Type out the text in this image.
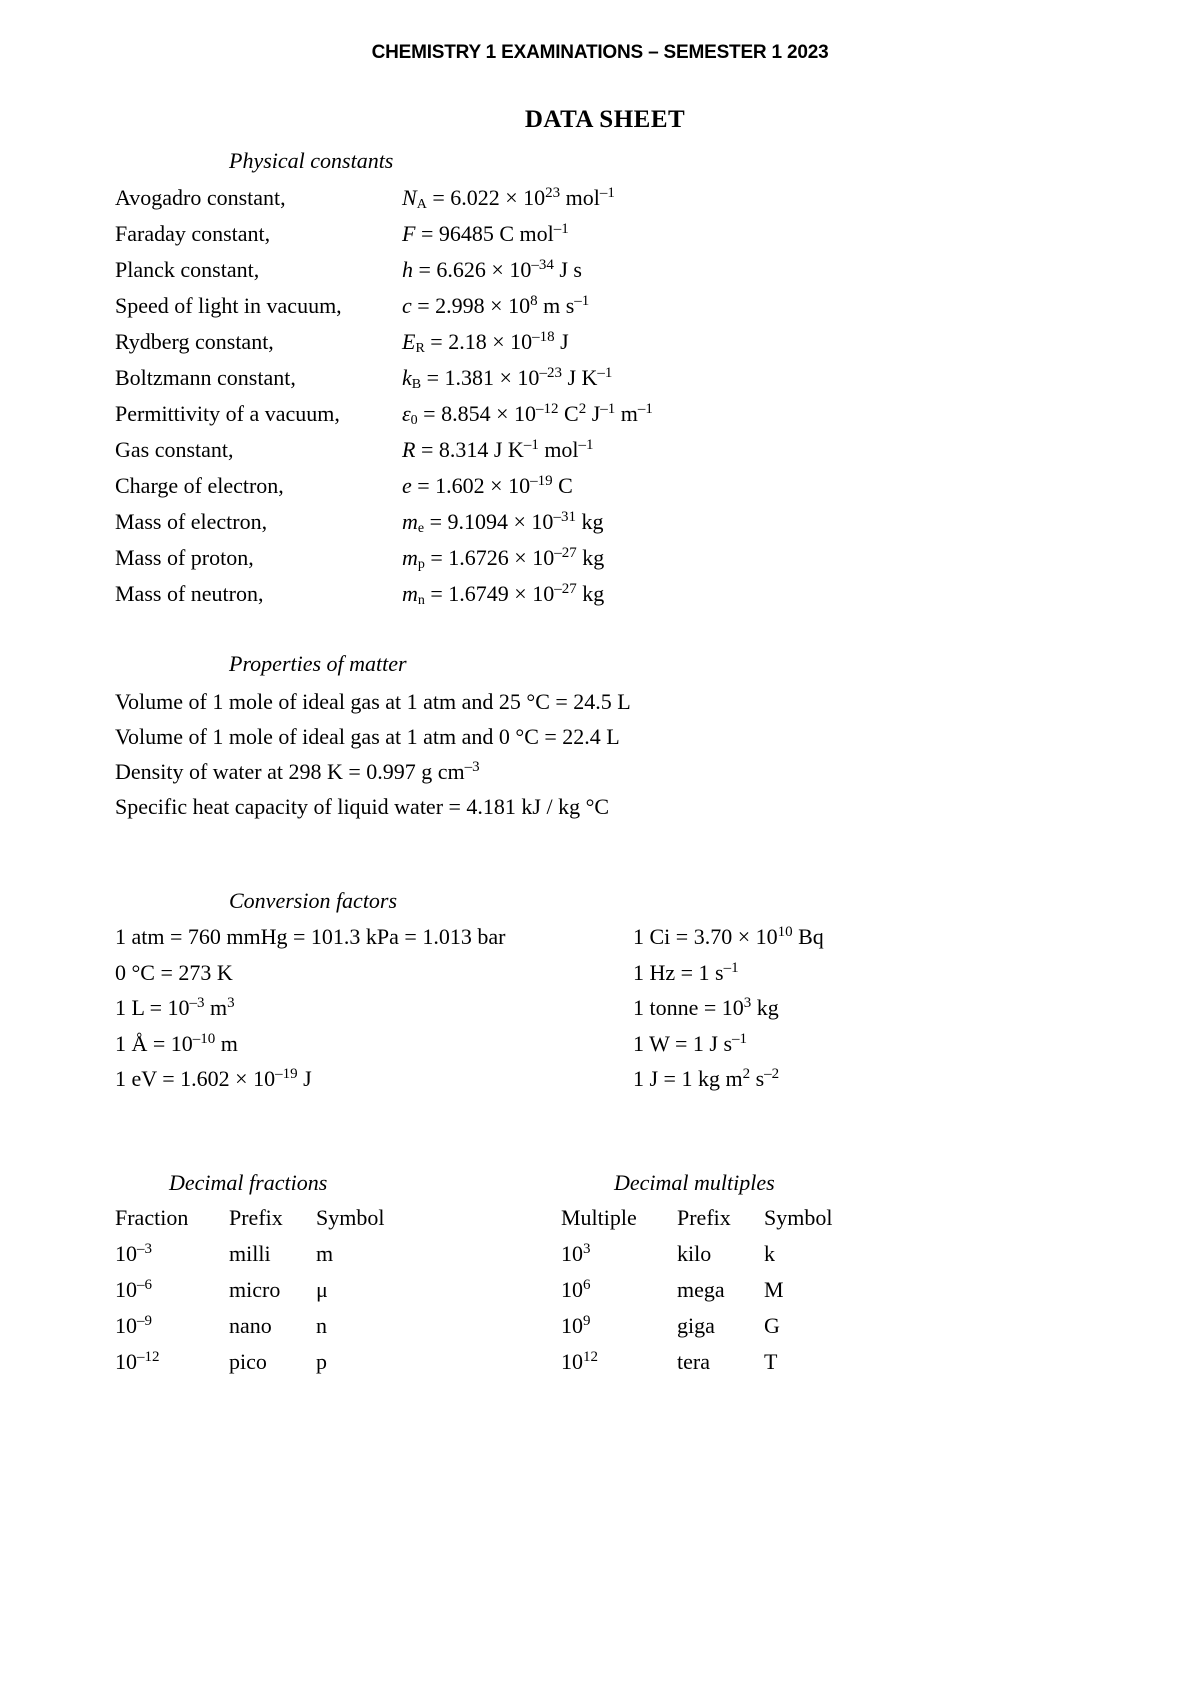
CHEMISTRY 1 EXAMINATIONS – SEMESTER 1 2023
DATA SHEET
Physical constants
Avogadro constant,	$N_A = 6.022 \times 10^{23}$ mol$^{-1}$
Faraday constant,	F = 96485 C mol$^{-1}$
Planck constant,	$h = 6.626 \times 10^{-34}$ J s
Speed of light in vacuum,	$c = 2.998 \times 10^8$ m $s^{-1}$
Rydberg constant,	$E_R = 2.18 \times 10^{-18}$ J
Boltzmann constant,	$k_B = 1.381 \times 10^{-23}$ J $K^{-1}$
Permittivity of a vacuum,	$\varepsilon_0 = 8.854 \times 10^{-12}$ $C^2$ $J^{-1}$ $m^{-1}$
Gas constant,	R = 8.314 J $K^{-1}$ mol$^{-1}$
Charge of electron,	$e = 1.602 \times 10^{-19}$ C
Mass of electron,	$m_e = 9.1094 \times 10^{-31}$ kg
Mass of proton,	$m_p = 1.6726 \times 10^{-27}$ kg
Mass of neutron,	$m_n = 1.6749 \times 10^{-27}$ kg
Properties of matter
Volume of 1 mole of ideal gas at 1 atm and 25 °C = 24.5 L
Volume of 1 mole of ideal gas at 1 atm and 0 °C = 22.4 L
Density of water at 298 K = 0.997 g $cm^{-3}$
Specific heat capacity of liquid water = 4.181 kJ / kg °C
Conversion factors
1 atm = 760 mmHg = 101.3 kPa = 1.013 bar
0 °C = 273 K
1 $L = 10^{-3}$ $m^3$
1 Å = $10^{-10}$ m
1 eV = $1.602 \times 10^{-19}$ J
1 $Ci = 3.70 \times 10^{10}$ Bq
1 Hz = 1 $s^{-1}$
1 tonne = $10^3$ kg
1 W = 1 J $s^{-1}$
1 J = 1 kg $m^2$ $s^{-2}$
Decimal fractions	Decimal multiples
Fraction Prefix Symbol
$10^{-3}$	milli m
$10^{-6}$	micro μ
$10^{-9}$	nano n
$10^{-12}$	pico p
Multiple Prefix Symbol
$10^3$	kilo k
$10^6$	mega M
$10^9$	giga G
$10^{12}$	tera T
